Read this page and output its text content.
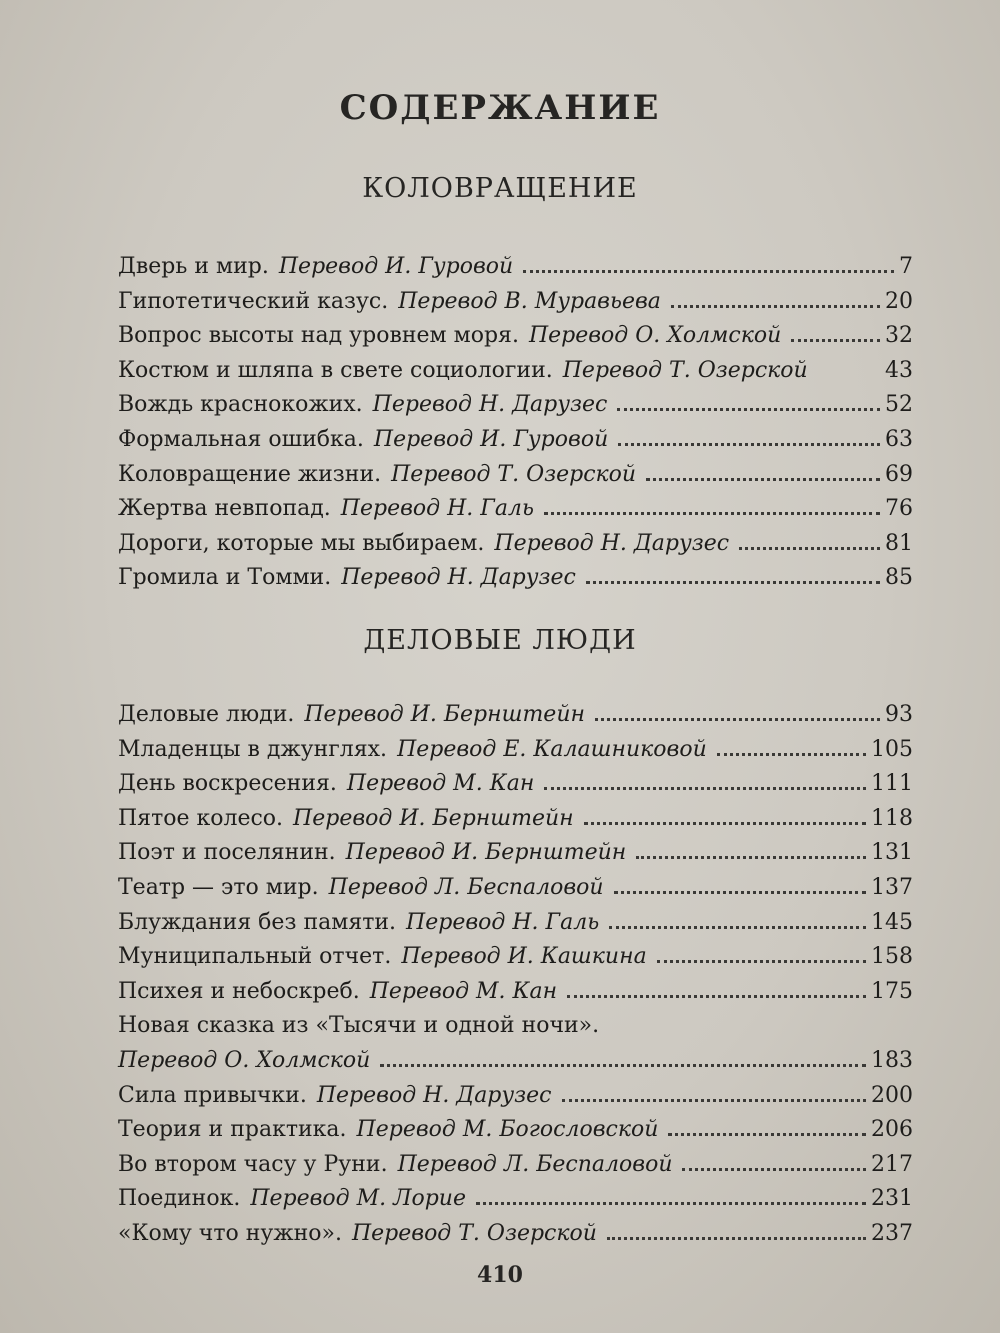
СОДЕРЖАНИЕ
КОЛОВРАЩЕНИЕ
Дверь и мир. Перевод И. Гуровой	7
Гипотетический казус. Перевод В. Муравьева	20
Вопрос высоты над уровнем моря. Перевод О. Холмской	32
Костюм и шляпа в свете социологии. Перевод Т. Озерской	43
Вождь краснокожих. Перевод Н. Дарузес	52
Формальная ошибка. Перевод И. Гуровой	63
Коловращение жизни. Перевод Т. Озерской	69
Жертва невпопад. Перевод Н. Галь	76
Дороги, которые мы выбираем. Перевод Н. Дарузес	81
Громила и Томми. Перевод Н. Дарузес	85
ДЕЛОВЫЕ ЛЮДИ
Деловые люди. Перевод И. Бернштейн	93
Младенцы в джунглях. Перевод Е. Калашниковой	105
День воскресения. Перевод М. Кан	111
Пятое колесо. Перевод И. Бернштейн	118
Поэт и поселянин. Перевод И. Бернштейн	131
Театр — это мир. Перевод Л. Беспаловой	137
Блуждания без памяти. Перевод Н. Галь	145
Муниципальный отчет. Перевод И. Кашкина	158
Психея и небоскреб. Перевод М. Кан	175
Новая сказка из «Тысячи и одной ночи».
Перевод О. Холмской	183
Сила привычки. Перевод Н. Дарузес	200
Теория и практика. Перевод М. Богословской	206
Во втором часу у Руни. Перевод Л. Беспаловой	217
Поединок. Перевод М. Лорие	231
«Кому что нужно». Перевод Т. Озерской	237
410
